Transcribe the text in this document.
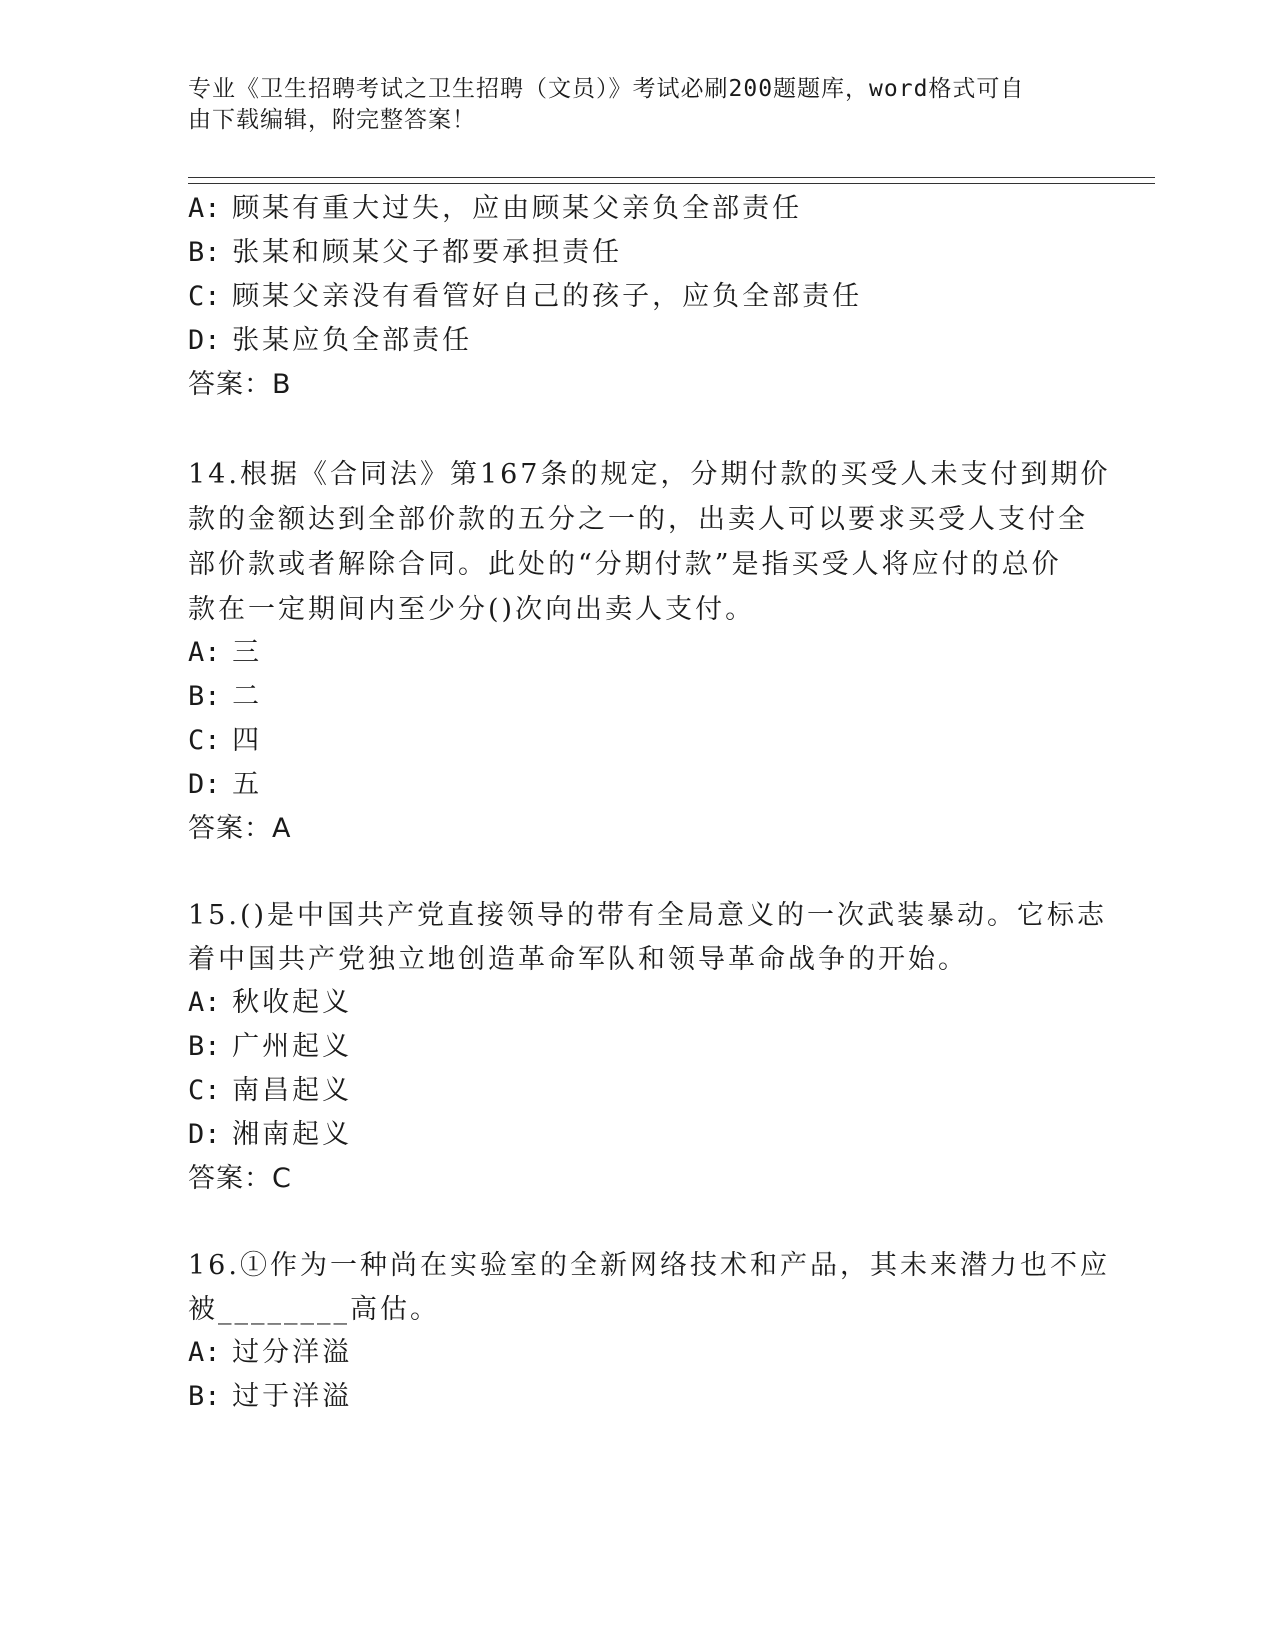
专业《卫生招聘考试之卫生招聘（文员）》考试必刷200题题库，word格式可自
由下载编辑，附完整答案！
A: 顾某有重大过失，应由顾某父亲负全部责任
B: 张某和顾某父子都要承担责任
C: 顾某父亲没有看管好自己的孩子，应负全部责任
D: 张某应负全部责任
答案：B
14.根据《合同法》第167条的规定，分期付款的买受人未支付到期价
款的金额达到全部价款的五分之一的，出卖人可以要求买受人支付全
部价款或者解除合同。此处的“分期付款”是指买受人将应付的总价
款在一定期间内至少分()次向出卖人支付。
A: 三
B: 二
C: 四
D: 五
答案：A
15.()是中国共产党直接领导的带有全局意义的一次武装暴动。它标志
着中国共产党独立地创造革命军队和领导革命战争的开始。
A: 秋收起义
B: 广州起义
C: 南昌起义
D: 湘南起义
答案：C
16.①作为一种尚在实验室的全新网络技术和产品，其未来潜力也不应
被________高估。
A: 过分洋溢
B: 过于洋溢
